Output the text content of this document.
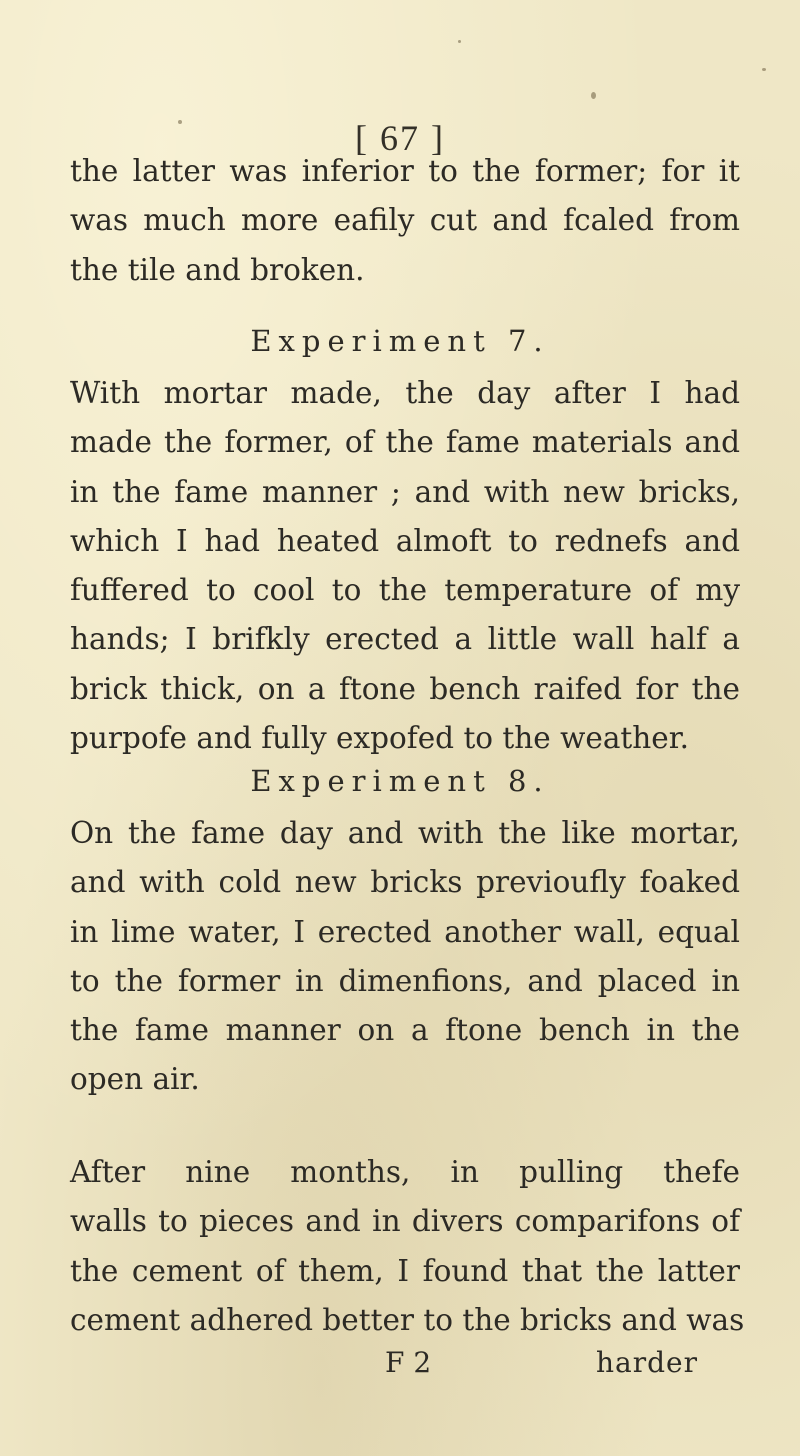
[ 67 ]
the latter was inferior to the former; for it
was much more eafily cut and fcaled from
the tile and broken.
Experiment 7.
With mortar made, the day after I had
made the former, of the fame materials and
in the fame manner ; and with new bricks,
which I had heated almoft to rednefs and
fuffered to cool to the temperature of my
hands; I brifkly erected a little wall half a
brick thick, on a ftone bench raifed for the
purpofe and fully expofed to the weather.
Experiment 8.
On the fame day and with the like mortar,
and with cold new bricks previoufly foaked
in lime water, I erected another wall, equal
to the former in dimenfions, and placed in
the fame manner on a ftone bench in the
open air.
After nine months, in pulling thefe
walls to pieces and in divers comparifons of
the cement of them, I found that the latter
cement adhered better to the bricks and was
F 2	harder
